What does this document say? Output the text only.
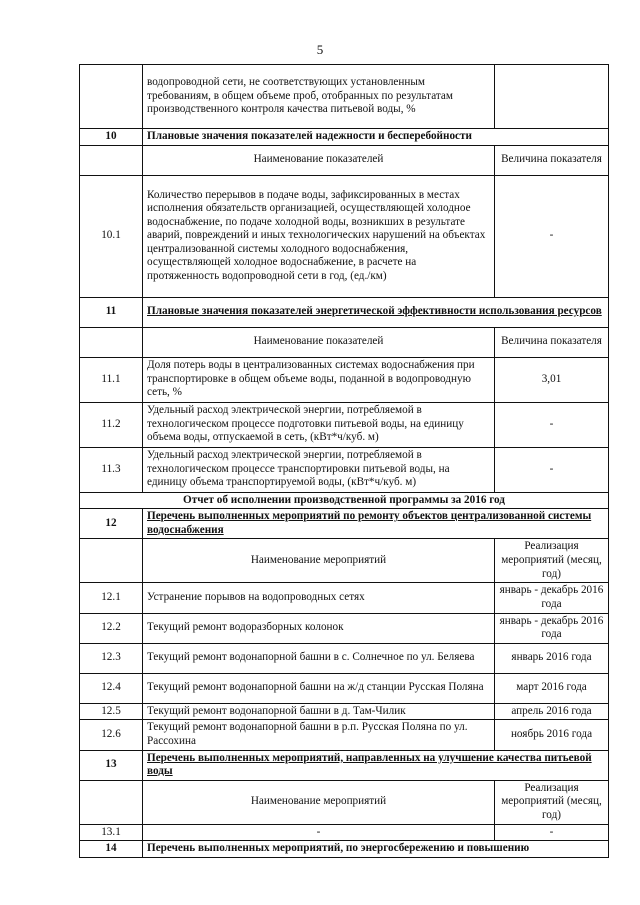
5
	водопроводной сети, не соответствующих установленным требованиям, в общем объеме проб, отобранных по результатам производственного контроля качества питьевой воды, %	
10	Плановые значения показателей надежности и бесперебойности	
	Наименование показателей	Величина показателя
10.1	Количество перерывов в подаче воды, зафиксированных в местах исполнения обязательств организацией, осуществляющей холодное водоснабжение, по подаче холодной воды, возникших в результате аварий, повреждений и иных технологических нарушений на объектах централизованной системы холодного водоснабжения, осуществляющей холодное водоснабжение, в расчете на протяженность водопроводной сети в год, (ед./км)	-
11	Плановые значения показателей энергетической эффективности использования ресурсов	
	Наименование показателей	Величина показателя
11.1	Доля потерь воды в централизованных системах водоснабжения при транспортировке в общем объеме воды, поданной в водопроводную сеть, %	3,01
11.2	Удельный расход электрической энергии, потребляемой в технологическом процессе подготовки питьевой воды, на единицу объема воды, отпускаемой в сеть, (кВт*ч/куб. м)	-
11.3	Удельный расход электрической энергии, потребляемой в технологическом процессе транспортировки питьевой воды, на единицу объема транспортируемой воды, (кВт*ч/куб. м)	-
Отчет об исполнении производственной программы за 2016 год		
12	Перечень выполненных мероприятий по ремонту объектов централизованной системы водоснабжения	
	Наименование мероприятий	Реализация мероприятий (месяц, год)
12.1	Устранение порывов на водопроводных сетях	январь - декабрь 2016 года
12.2	Текущий ремонт водоразборных колонок	январь - декабрь 2016 года
12.3	Текущий ремонт водонапорной башни в с. Солнечное по ул. Беляева	январь 2016 года
12.4	Текущий ремонт водонапорной башни на ж/д станции Русская Поляна	март 2016 года
12.5	Текущий ремонт водонапорной башни в д. Там-Чилик	апрель 2016 года
12.6	Текущий ремонт водонапорной башни в р.п. Русская Поляна по ул. Рассохина	ноябрь 2016 года
13	Перечень выполненных мероприятий, направленных на улучшение качества питьевой воды	
	Наименование мероприятий	Реализация мероприятий (месяц, год)
13.1	-	-
14	Перечень выполненных мероприятий, по энергосбережению и повышению	
